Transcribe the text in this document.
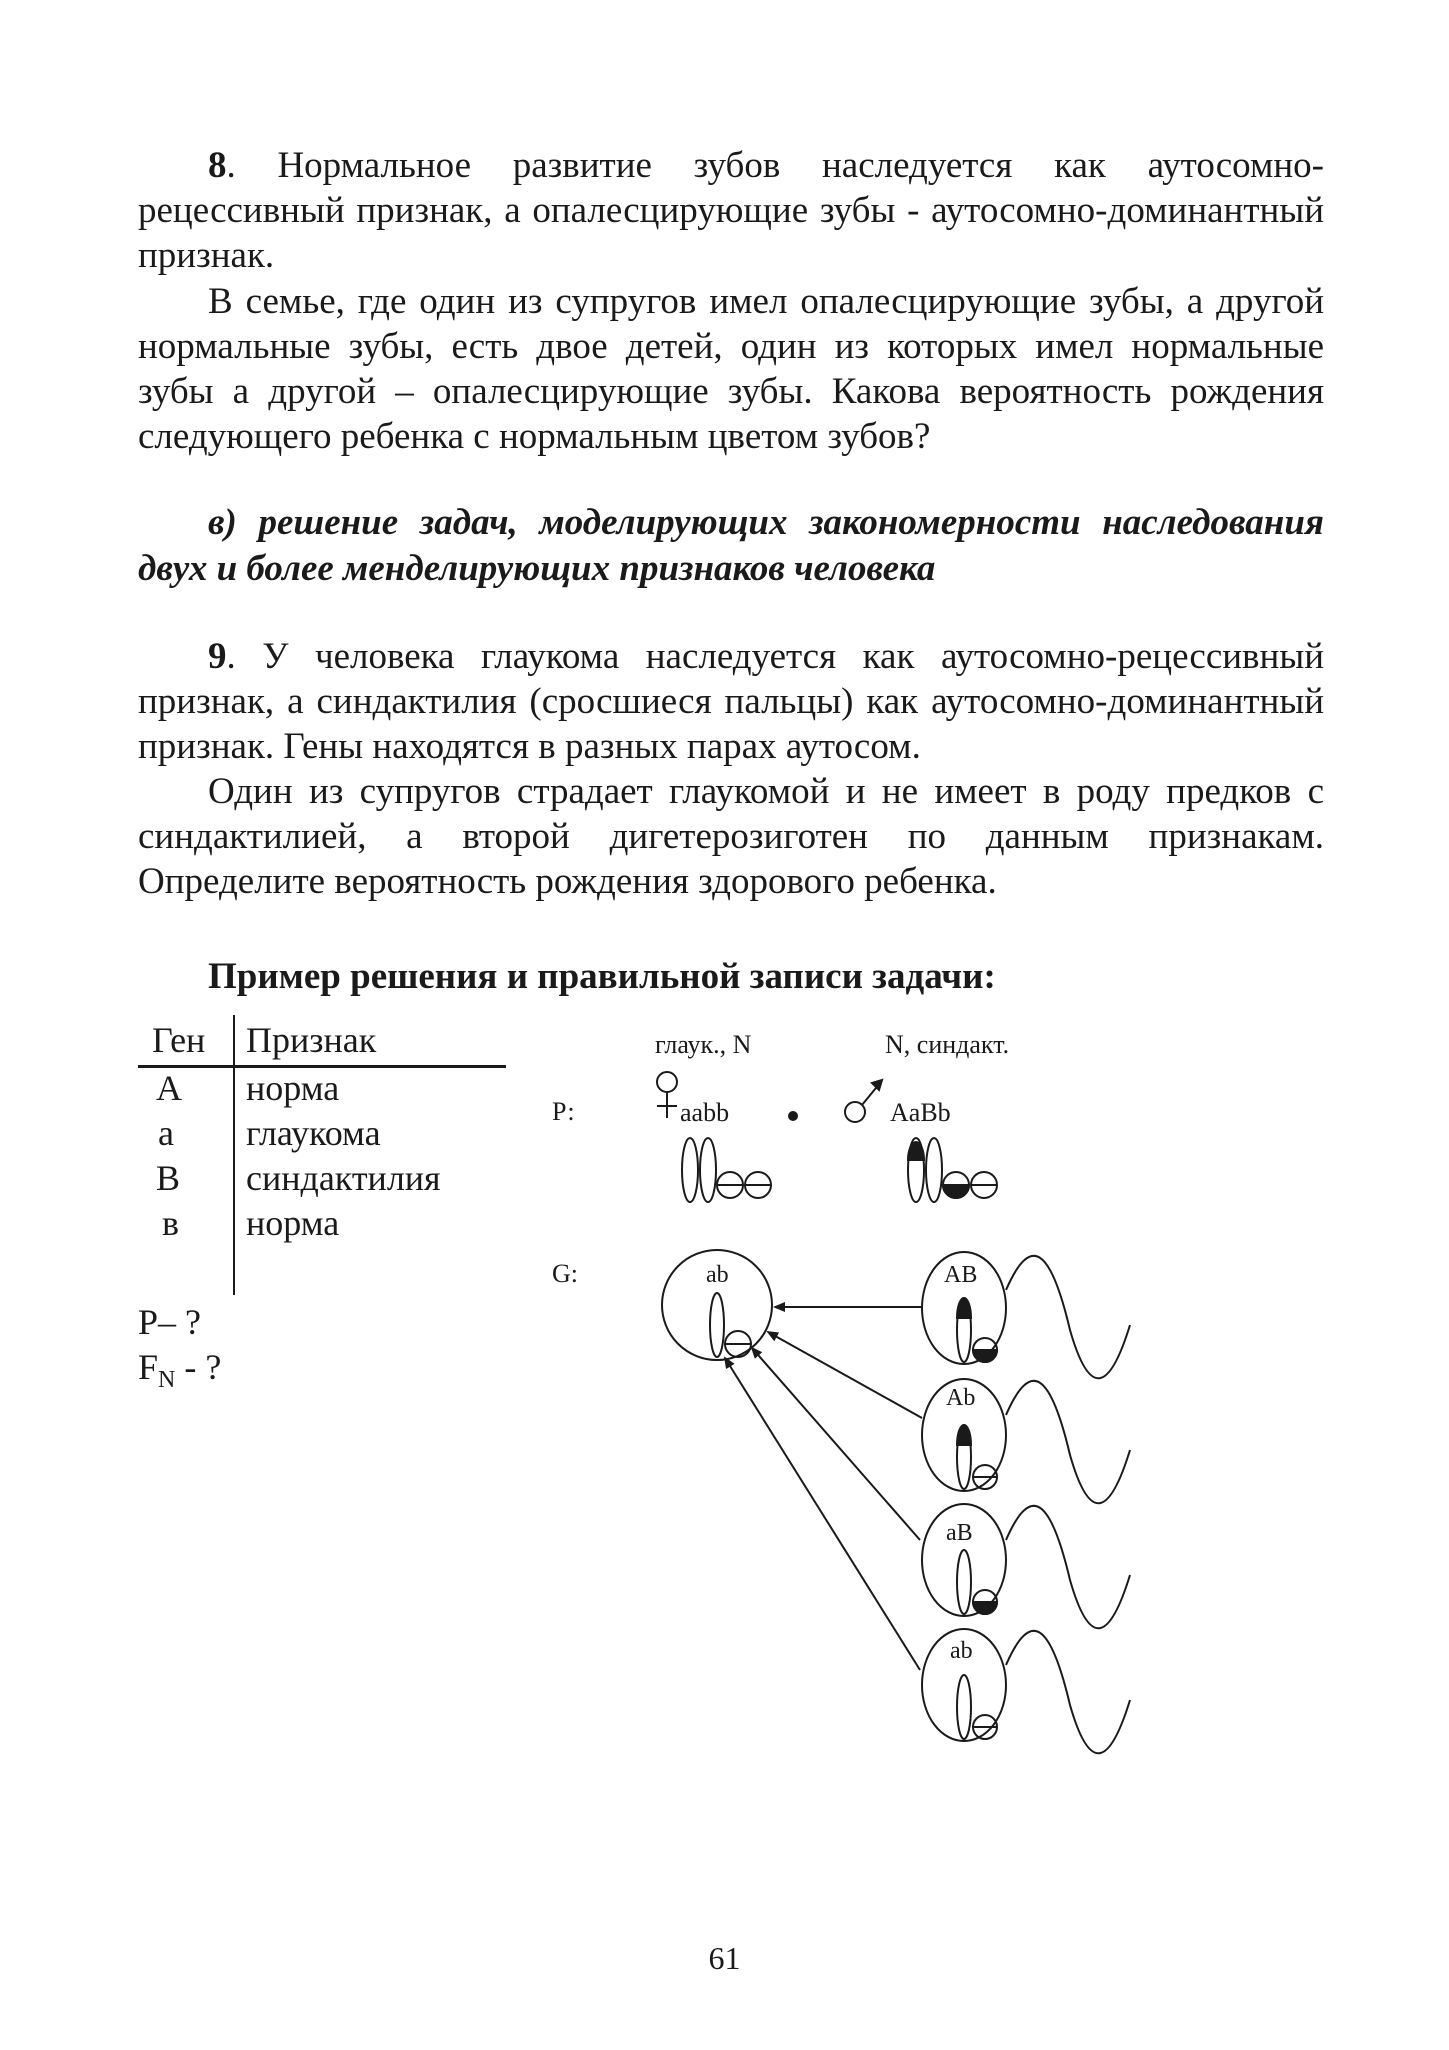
8. Нормальное развитие зубов наследуется как аутосомно-рецессивный признак, а опалесцирующие зубы - аутосомно-доминантный признак.

В семье, где один из супругов имел опалесцирующие зубы, а другой нормальные зубы, есть двое детей, один из которых имел нормальные зубы а другой – опалесцирующие зубы. Какова вероятность рождения следующего ребенка с нормальным цветом зубов?

в) решение задач, моделирующих закономерности наследования двух и более менделирующих признаков человека

9. У человека глаукома наследуется как аутосомно-рецессивный признак, а синдактилия (сросшиеся пальцы) как аутосомно-доминантный признак. Гены находятся в разных парах аутосом.

Один из супругов страдает глаукомой и не имеет в роду предков с синдактилией, а второй дигетерозиготен по данным признакам. Определите вероятность рождения здорового ребенка.

Пример решения и правильной записи задачи:

Ген Признак
А норма
а глаукома
В синдактилия
в норма
Р– ?
$F_N$ - ?
Р:
G:
глаук., N	N, синдакт.
aabb	AaBb
ab	AB
Ab
aB
ab
61
